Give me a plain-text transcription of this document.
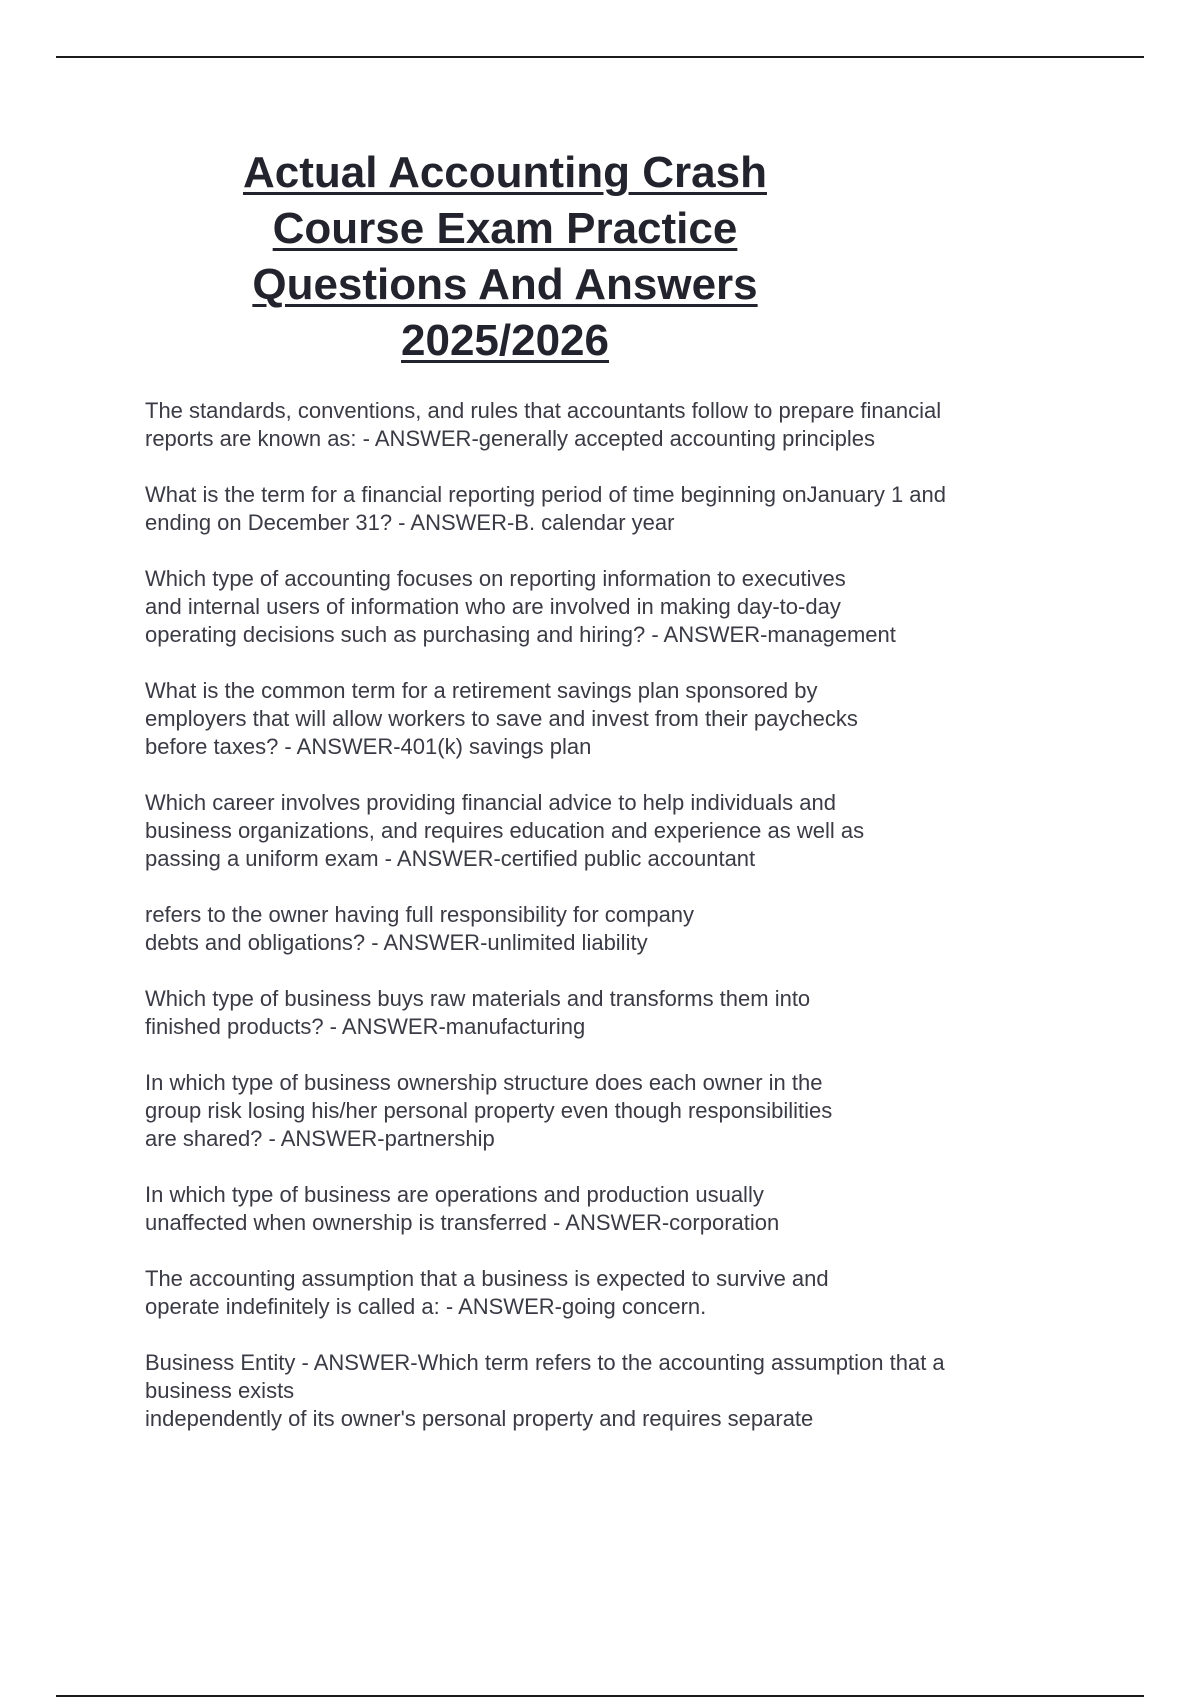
Actual Accounting Crash
Course Exam Practice
Questions And Answers
2025/2026
The standards, conventions, and rules that accountants follow to prepare financial
reports are known as: - ANSWER-generally accepted accounting principles
What is the term for a financial reporting period of time beginning onJanuary 1 and
ending on December 31? - ANSWER-B. calendar year
Which type of accounting focuses on reporting information to executives
and internal users of information who are involved in making day-to-day
operating decisions such as purchasing and hiring? - ANSWER-management
What is the common term for a retirement savings plan sponsored by
employers that will allow workers to save and invest from their paychecks
before taxes? - ANSWER-401(k) savings plan
Which career involves providing financial advice to help individuals and
business organizations, and requires education and experience as well as
passing a uniform exam - ANSWER-certified public accountant
refers to the owner having full responsibility for company
debts and obligations? - ANSWER-unlimited liability
Which type of business buys raw materials and transforms them into
finished products? - ANSWER-manufacturing
In which type of business ownership structure does each owner in the
group risk losing his/her personal property even though responsibilities
are shared? - ANSWER-partnership
In which type of business are operations and production usually
unaffected when ownership is transferred - ANSWER-corporation
The accounting assumption that a business is expected to survive and
operate indefinitely is called a: - ANSWER-going concern.
Business Entity - ANSWER-Which term refers to the accounting assumption that a
business exists
independently of its owner's personal property and requires separate
